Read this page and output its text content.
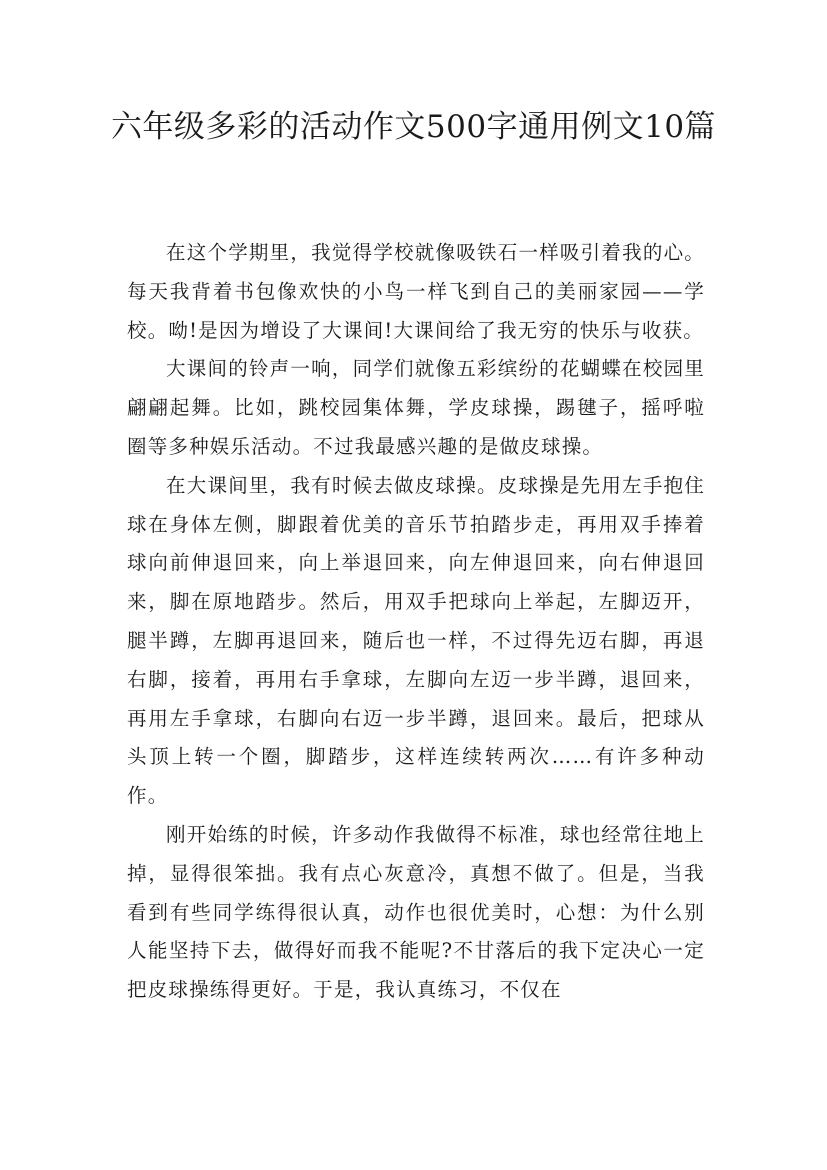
六年级多彩的活动作文500字通用例文10篇

在这个学期里，我觉得学校就像吸铁石一样吸引着我的心。每天我背着书包像欢快的小鸟一样飞到自己的美丽家园——学校。呦!是因为增设了大课间!大课间给了我无穷的快乐与收获。

大课间的铃声一响，同学们就像五彩缤纷的花蝴蝶在校园里翩翩起舞。比如，跳校园集体舞，学皮球操，踢毽子，摇呼啦圈等多种娱乐活动。不过我最感兴趣的是做皮球操。

在大课间里，我有时候去做皮球操。皮球操是先用左手抱住球在身体左侧，脚跟着优美的音乐节拍踏步走，再用双手捧着球向前伸退回来，向上举退回来，向左伸退回来，向右伸退回来，脚在原地踏步。然后，用双手把球向上举起，左脚迈开，腿半蹲，左脚再退回来，随后也一样，不过得先迈右脚，再退右脚，接着，再用右手拿球，左脚向左迈一步半蹲，退回来，再用左手拿球，右脚向右迈一步半蹲，退回来。最后，把球从头顶上转一个圈，脚踏步，这样连续转两次……有许多种动作。

刚开始练的时候，许多动作我做得不标准，球也经常往地上掉，显得很笨拙。我有点心灰意冷，真想不做了。但是，当我看到有些同学练得很认真，动作也很优美时，心想：为什么别人能坚持下去，做得好而我不能呢?不甘落后的我下定决心一定把皮球操练得更好。于是，我认真练习，不仅在
